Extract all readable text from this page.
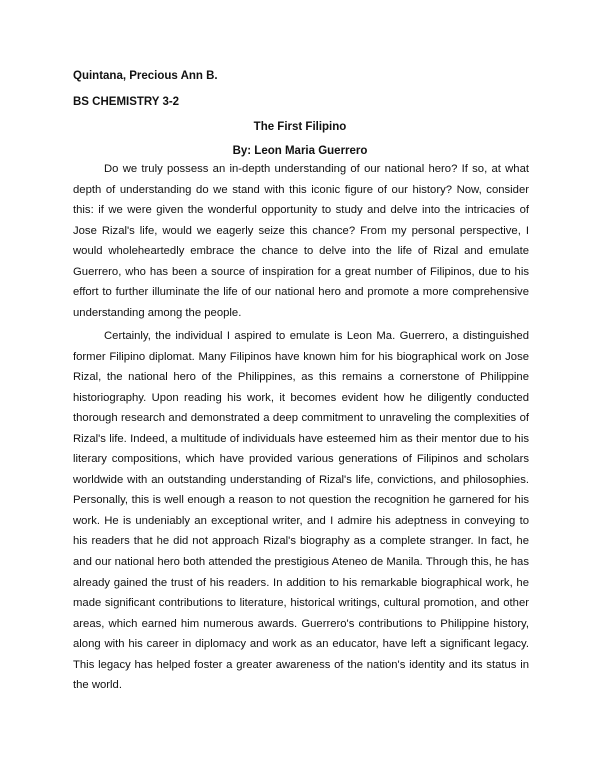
Quintana, Precious Ann B.

BS CHEMISTRY 3-2

The First Filipino

By: Leon Maria Guerrero

Do we truly possess an in-depth understanding of our national hero? If so, at what depth of understanding do we stand with this iconic figure of our history? Now, consider this: if we were given the wonderful opportunity to study and delve into the intricacies of Jose Rizal's life, would we eagerly seize this chance? From my personal perspective, I would wholeheartedly embrace the chance to delve into the life of Rizal and emulate Guerrero, who has been a source of inspiration for a great number of Filipinos, due to his effort to further illuminate the life of our national hero and promote a more comprehensive understanding among the people.

Certainly, the individual I aspired to emulate is Leon Ma. Guerrero, a distinguished former Filipino diplomat. Many Filipinos have known him for his biographical work on Jose Rizal, the national hero of the Philippines, as this remains a cornerstone of Philippine historiography. Upon reading his work, it becomes evident how he diligently conducted thorough research and demonstrated a deep commitment to unraveling the complexities of Rizal's life. Indeed, a multitude of individuals have esteemed him as their mentor due to his literary compositions, which have provided various generations of Filipinos and scholars worldwide with an outstanding understanding of Rizal's life, convictions, and philosophies. Personally, this is well enough a reason to not question the recognition he garnered for his work. He is undeniably an exceptional writer, and I admire his adeptness in conveying to his readers that he did not approach Rizal's biography as a complete stranger. In fact, he and our national hero both attended the prestigious Ateneo de Manila. Through this, he has already gained the trust of his readers. In addition to his remarkable biographical work, he made significant contributions to literature, historical writings, cultural promotion, and other areas, which earned him numerous awards. Guerrero's contributions to Philippine history, along with his career in diplomacy and work as an educator, have left a significant legacy. This legacy has helped foster a greater awareness of the nation's identity and its status in the world.
